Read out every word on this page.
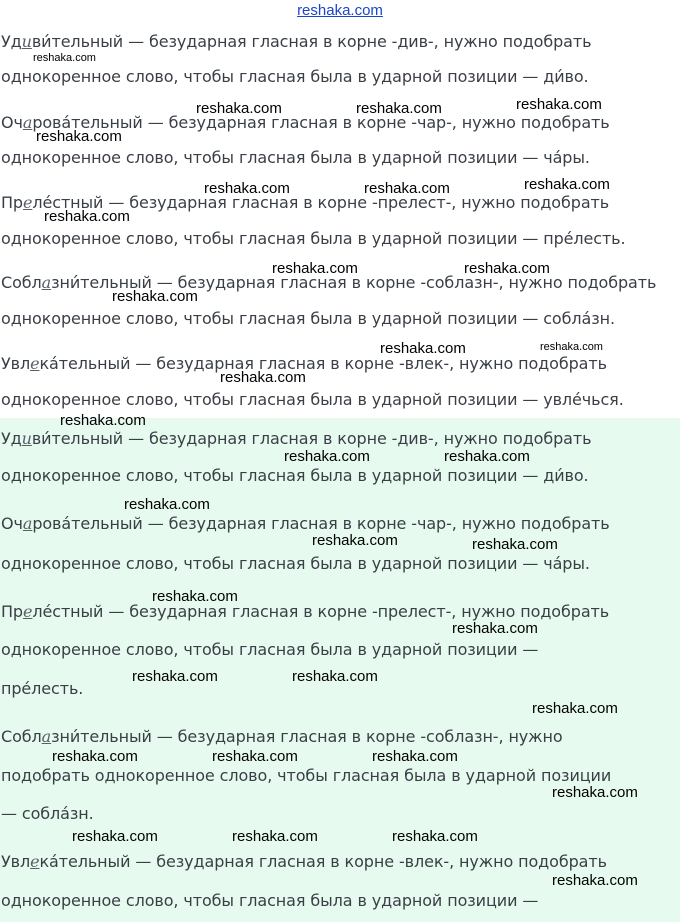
reshaka.com
Удиви́тельный — безударная гласная в корне -див-, нужно подобрать
однокоренное слово, чтобы гласная была в ударной позиции — ди́во.
Очарова́тельный — безударная гласная в корне -чар-, нужно подобрать
однокоренное слово, чтобы гласная была в ударной позиции — ча́ры.
Преле́стный — безударная гласная в корне -прелест-, нужно подобрать
однокоренное слово, чтобы гласная была в ударной позиции — пре́лесть.
Соблазни́тельный — безударная гласная в корне -соблазн-, нужно подобрать
однокоренное слово, чтобы гласная была в ударной позиции — собла́зн.
Увлека́тельный — безударная гласная в корне -влек-, нужно подобрать
однокоренное слово, чтобы гласная была в ударной позиции — увле́чься.
Удиви́тельный — безударная гласная в корне -див-, нужно подобрать
однокоренное слово, чтобы гласная была в ударной позиции — ди́во.
Очарова́тельный — безударная гласная в корне -чар-, нужно подобрать
однокоренное слово, чтобы гласная была в ударной позиции — ча́ры.
Преле́стный — безударная гласная в корне -прелест-, нужно подобрать
однокоренное слово, чтобы гласная была в ударной позиции —
пре́лесть.
Соблазни́тельный — безударная гласная в корне -соблазн-, нужно
подобрать однокоренное слово, чтобы гласная была в ударной позиции
— собла́зн.
Увлека́тельный — безударная гласная в корне -влек-, нужно подобрать
однокоренное слово, чтобы гласная была в ударной позиции —
reshaka.com
reshaka.com	reshaka.com	reshaka.com
reshaka.com
reshaka.com	reshaka.com	reshaka.com
reshaka.com
reshaka.com	reshaka.com
reshaka.com
reshaka.com	reshaka.com
reshaka.com
reshaka.com
reshaka.com	reshaka.com
reshaka.com
reshaka.com	reshaka.com
reshaka.com
reshaka.com
reshaka.com	reshaka.com
reshaka.com
reshaka.com	reshaka.com	reshaka.com
reshaka.com
reshaka.com	reshaka.com	reshaka.com
reshaka.com
